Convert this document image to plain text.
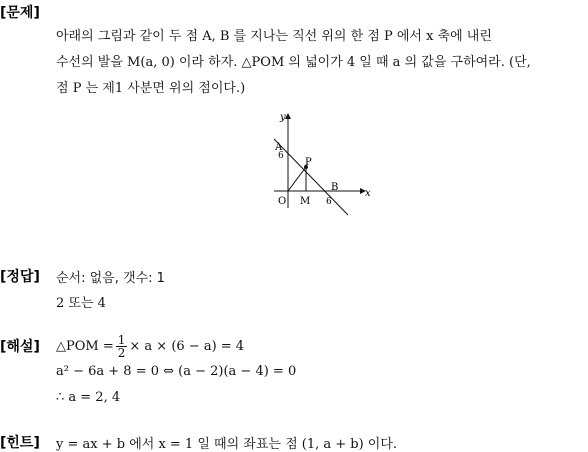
[문제]
아래의 그림과 같이 두 점 A, B 를 지나는 직선 위의 한 점 P 에서 x 축에 내린
수선의 발을 M(a, 0) 이라 하자. △POM 의 넓이가 4 일 때 a 의 값을 구하여라. (단,
점 P 는 제1 사분면 위의 점이다.)
y
x
A
P
B
O M
6
6
[정답] 순서: 없음, 갯수: 1
2 또는 4
[해설] △POM = $\frac{1}{2} \times a \times (6 - a) = 4$
a² − 6a + 8 = 0 ⇔ (a − 2)(a − 4) = 0
∴ a = 2, 4
[힌트] y = ax + b 에서 x = 1 일 때의 좌표는 점 (1, a + b) 이다.
